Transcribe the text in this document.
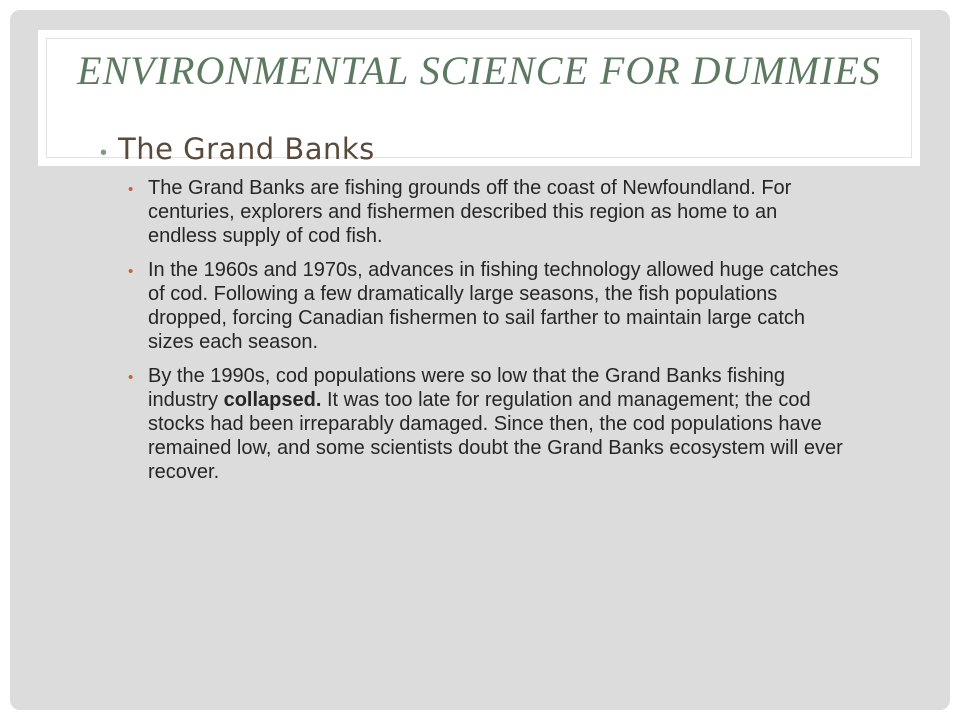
ENVIRONMENTAL SCIENCE FOR DUMMIES
• The Grand Banks
• The Grand Banks are fishing grounds off the coast of Newfoundland. For centuries, explorers and fishermen described this region as home to an endless supply of cod fish.
• In the 1960s and 1970s, advances in fishing technology allowed huge catches of cod. Following a few dramatically large seasons, the fish populations dropped, forcing Canadian fishermen to sail farther to maintain large catch sizes each season.
• By the 1990s, cod populations were so low that the Grand Banks fishing industry collapsed. It was too late for regulation and management; the cod stocks had been irreparably damaged. Since then, the cod populations have remained low, and some scientists doubt the Grand Banks ecosystem will ever recover.
